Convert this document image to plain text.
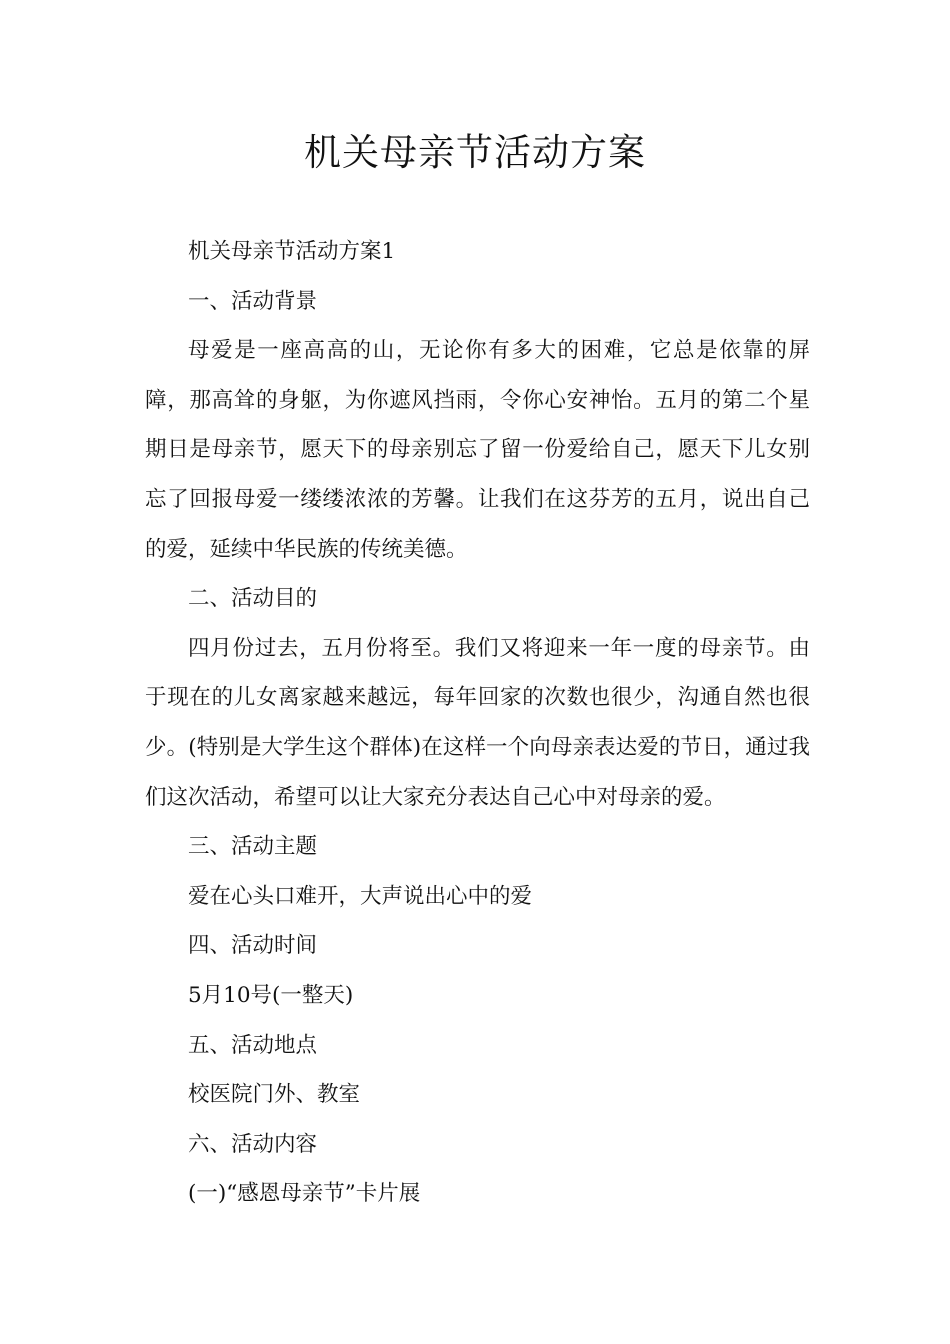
机关母亲节活动方案

机关母亲节活动方案1

一、活动背景

母爱是一座高高的山，无论你有多大的困难，它总是依靠的屏障，那高耸的身躯，为你遮风挡雨，令你心安神怡。五月的第二个星期日是母亲节，愿天下的母亲别忘了留一份爱给自己，愿天下儿女别忘了回报母爱一缕缕浓浓的芳馨。让我们在这芬芳的五月，说出自己的爱，延续中华民族的传统美德。

二、活动目的

四月份过去，五月份将至。我们又将迎来一年一度的母亲节。由于现在的儿女离家越来越远，每年回家的次数也很少，沟通自然也很少。(特别是大学生这个群体)在这样一个向母亲表达爱的节日，通过我们这次活动，希望可以让大家充分表达自己心中对母亲的爱。

三、活动主题

爱在心头口难开，大声说出心中的爱

四、活动时间

5月10号(一整天)

五、活动地点

校医院门外、教室

六、活动内容

(一)“感恩母亲节”卡片展
